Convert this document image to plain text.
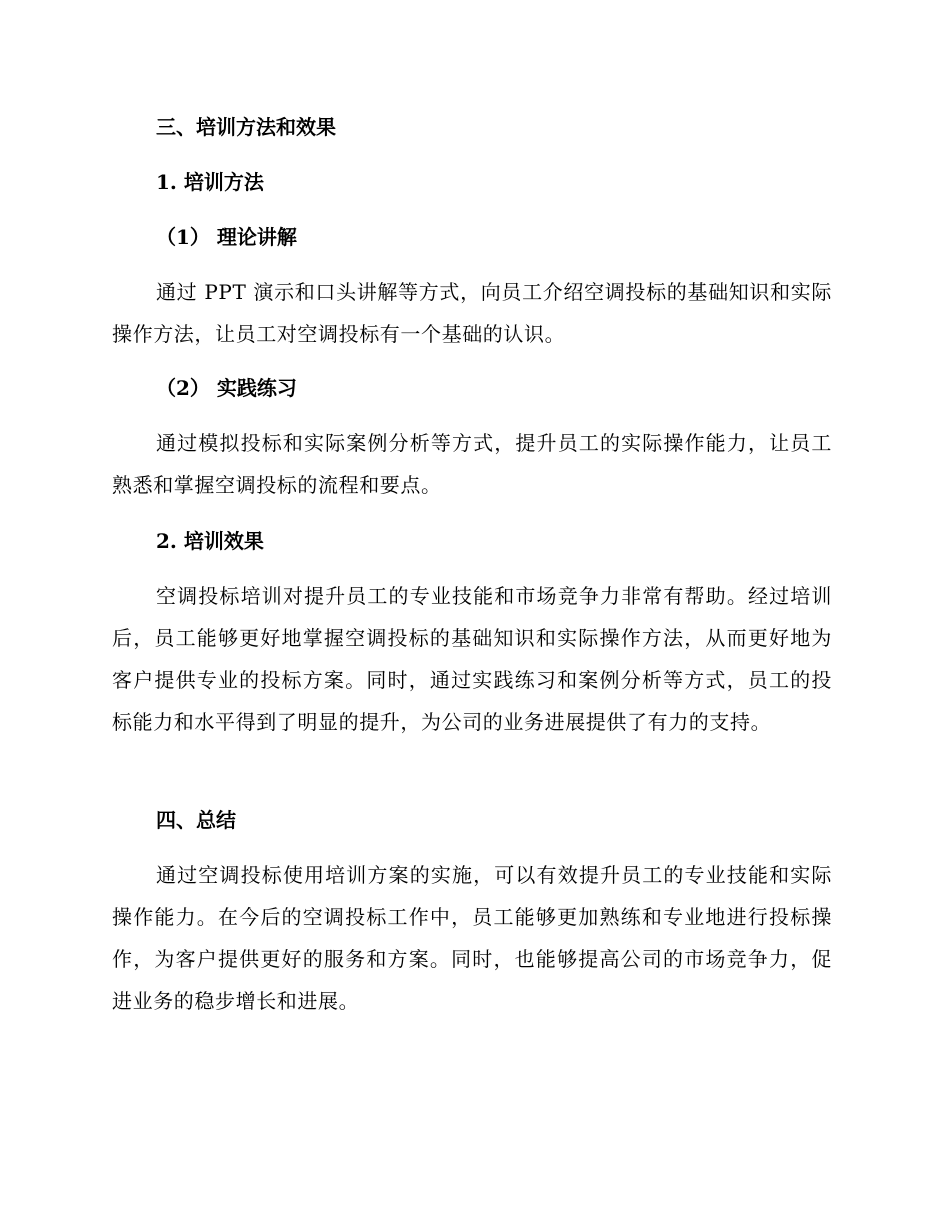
三、培训方法和效果
1. 培训方法
（1） 理论讲解

通过 PPT 演示和口头讲解等方式，向员工介绍空调投标的基础知识和实际操作方法，让员工对空调投标有一个基础的认识。

（2） 实践练习

通过模拟投标和实际案例分析等方式，提升员工的实际操作能力，让员工熟悉和掌握空调投标的流程和要点。

2. 培训效果

空调投标培训对提升员工的专业技能和市场竞争力非常有帮助。经过培训后，员工能够更好地掌握空调投标的基础知识和实际操作方法，从而更好地为客户提供专业的投标方案。同时，通过实践练习和案例分析等方式，员工的投标能力和水平得到了明显的提升，为公司的业务进展提供了有力的支持。

四、总结

通过空调投标使用培训方案的实施，可以有效提升员工的专业技能和实际操作能力。在今后的空调投标工作中，员工能够更加熟练和专业地进行投标操作，为客户提供更好的服务和方案。同时，也能够提高公司的市场竞争力，促进业务的稳步增长和进展。
